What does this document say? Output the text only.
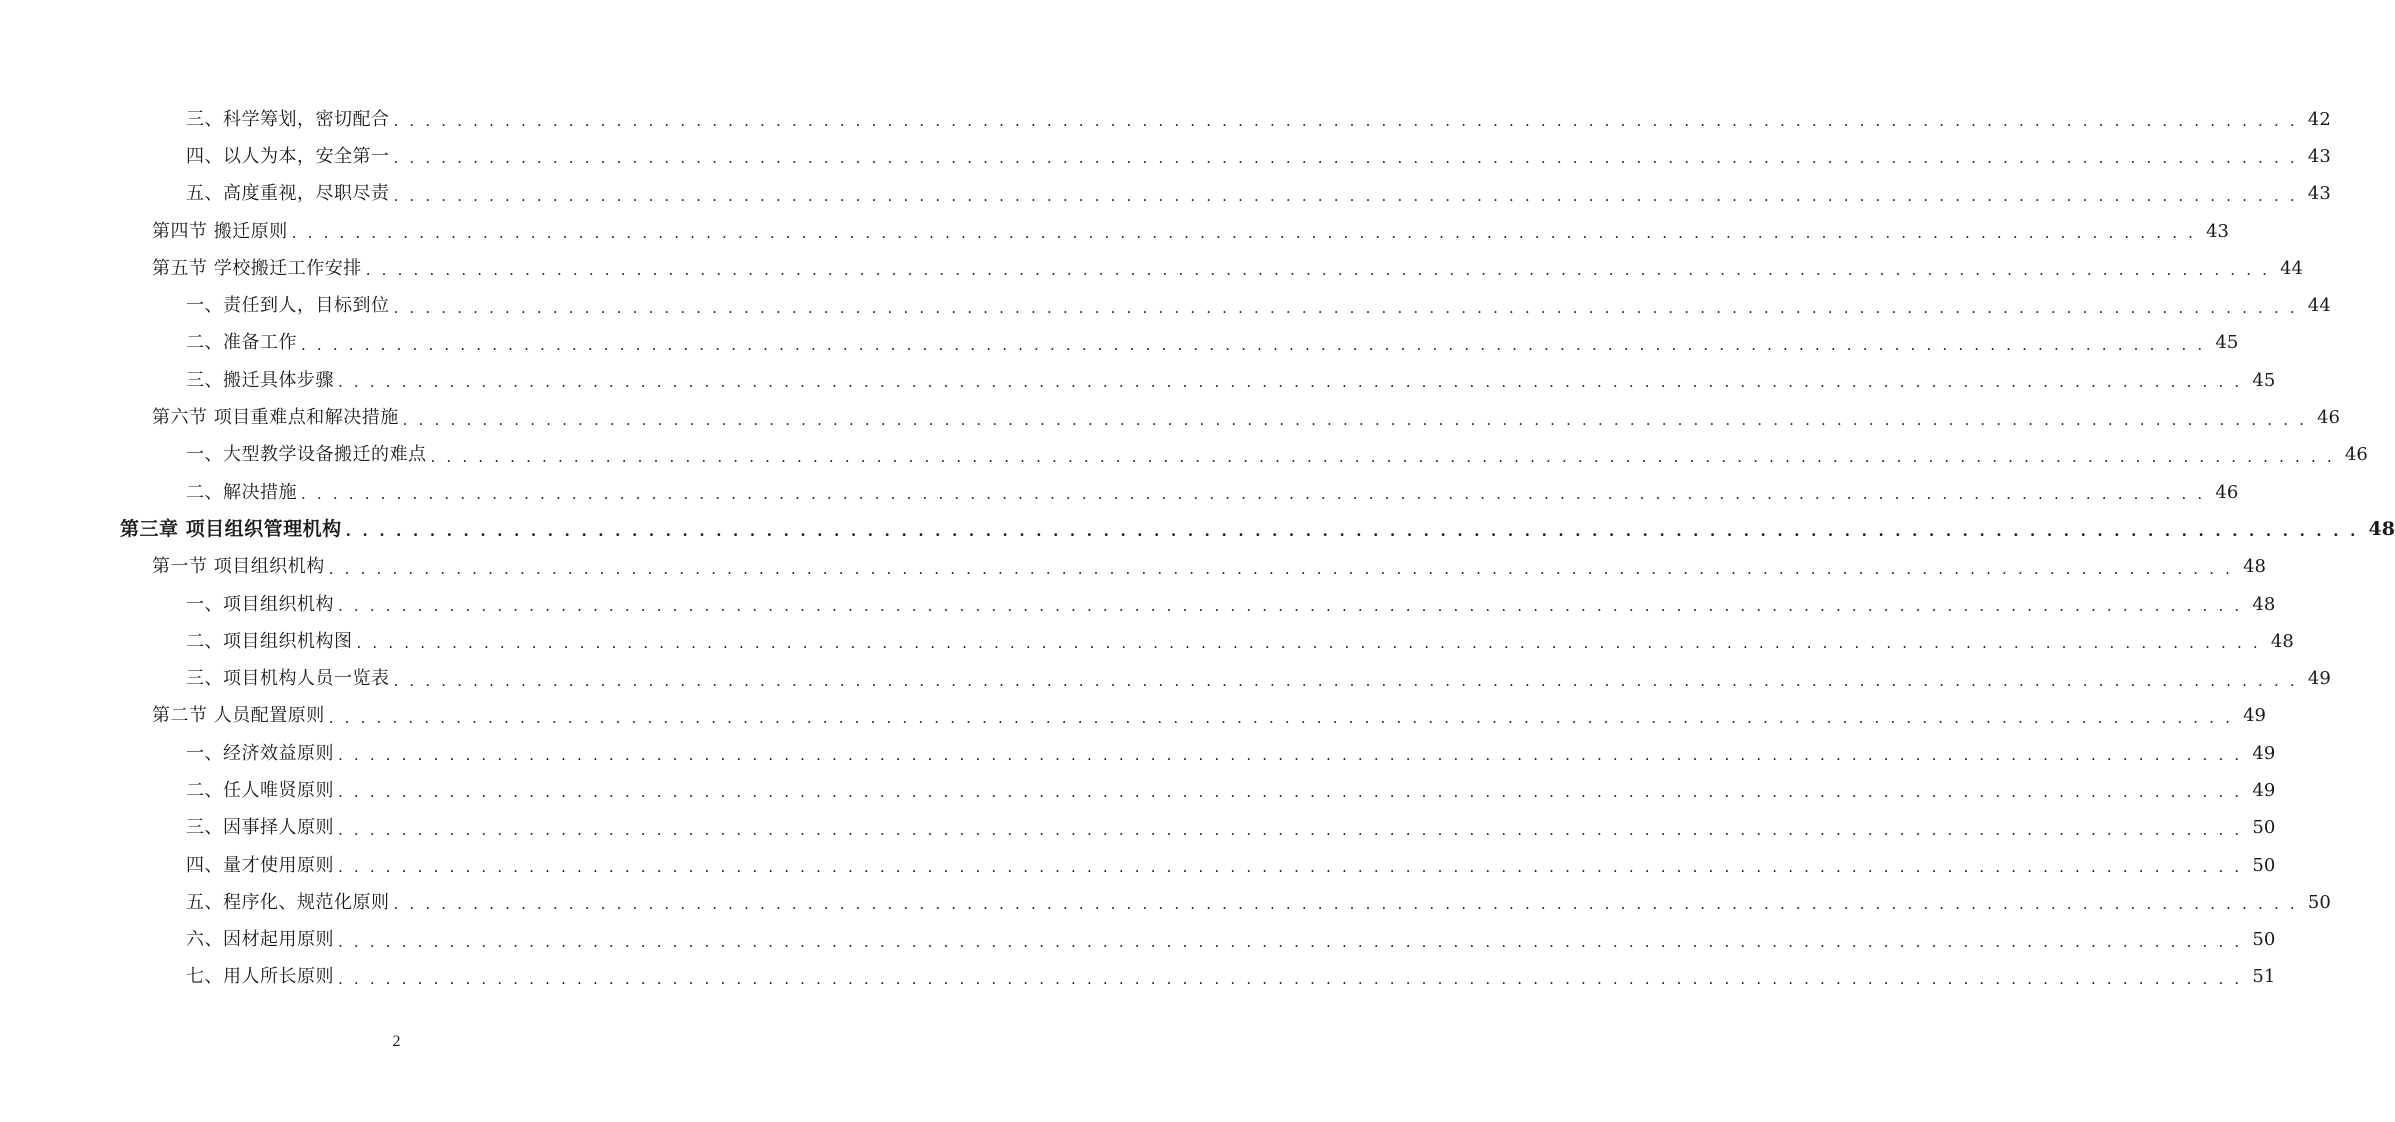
三、科学筹划，密切配合 . . . . . . . . . . . . . . . . . . . . . . . . . . . . . . . . . . . . . . . . . . . . . . . . . . . . . . . . . . . . . . . . . . . . . . . . . . . . . . . . . . . . . . . . . . . . . . . . . . . . . . . . . . . . . . . . . . . . . . . . 42
四、以人为本，安全第一 . . . . . . . . . . . . . . . . . . . . . . . . . . . . . . . . . . . . . . . . . . . . . . . . . . . . . . . . . . . . . . . . . . . . . . . . . . . . . . . . . . . . . . . . . . . . . . . . . . . . . . . . . . . . . . . . . . . . . . . . 43
五、高度重视，尽职尽责 . . . . . . . . . . . . . . . . . . . . . . . . . . . . . . . . . . . . . . . . . . . . . . . . . . . . . . . . . . . . . . . . . . . . . . . . . . . . . . . . . . . . . . . . . . . . . . . . . . . . . . . . . . . . . . . . . . . . . . . . 43
第四节 搬迁原则 . . . . . . . . . . . . . . . . . . . . . . . . . . . . . . . . . . . . . . . . . . . . . . . . . . . . . . . . . . . . . . . . . . . . . . . . . . . . . . . . . . . . . . . . . . . . . . . . . . . . . . . . . . . . . . . . . . . . . . . . 43
第五节 学校搬迁工作安排 . . . . . . . . . . . . . . . . . . . . . . . . . . . . . . . . . . . . . . . . . . . . . . . . . . . . . . . . . . . . . . . . . . . . . . . . . . . . . . . . . . . . . . . . . . . . . . . . . . . . . . . . . . . . . . . . . . . . . . . . 44
一、责任到人，目标到位 . . . . . . . . . . . . . . . . . . . . . . . . . . . . . . . . . . . . . . . . . . . . . . . . . . . . . . . . . . . . . . . . . . . . . . . . . . . . . . . . . . . . . . . . . . . . . . . . . . . . . . . . . . . . . . . . . . . . . . . . 44
二、准备工作 . . . . . . . . . . . . . . . . . . . . . . . . . . . . . . . . . . . . . . . . . . . . . . . . . . . . . . . . . . . . . . . . . . . . . . . . . . . . . . . . . . . . . . . . . . . . . . . . . . . . . . . . . . . . . . . . . . . . . . . . 45
三、搬迁具体步骤 . . . . . . . . . . . . . . . . . . . . . . . . . . . . . . . . . . . . . . . . . . . . . . . . . . . . . . . . . . . . . . . . . . . . . . . . . . . . . . . . . . . . . . . . . . . . . . . . . . . . . . . . . . . . . . . . . . . . . . . . 45
第六节 项目重难点和解决措施 . . . . . . . . . . . . . . . . . . . . . . . . . . . . . . . . . . . . . . . . . . . . . . . . . . . . . . . . . . . . . . . . . . . . . . . . . . . . . . . . . . . . . . . . . . . . . . . . . . . . . . . . . . . . . . . . . . . . . . . . 46
一、大型教学设备搬迁的难点 . . . . . . . . . . . . . . . . . . . . . . . . . . . . . . . . . . . . . . . . . . . . . . . . . . . . . . . . . . . . . . . . . . . . . . . . . . . . . . . . . . . . . . . . . . . . . . . . . . . . . . . . . . . . . . . . . . . . . . . . 46
二、解决措施 . . . . . . . . . . . . . . . . . . . . . . . . . . . . . . . . . . . . . . . . . . . . . . . . . . . . . . . . . . . . . . . . . . . . . . . . . . . . . . . . . . . . . . . . . . . . . . . . . . . . . . . . . . . . . . . . . . . . . . . . 46
第三章 项目组织管理机构 . . . . . . . . . . . . . . . . . . . . . . . . . . . . . . . . . . . . . . . . . . . . . . . . . . . . . . . . . . . . . . . . . . . . . . . . . . . . . . . . . . . . . . . . . . . . . . . . . . . . . . . . . . . . . . . . . . . . . . . . 48
第一节 项目组织机构 . . . . . . . . . . . . . . . . . . . . . . . . . . . . . . . . . . . . . . . . . . . . . . . . . . . . . . . . . . . . . . . . . . . . . . . . . . . . . . . . . . . . . . . . . . . . . . . . . . . . . . . . . . . . . . . . . . . . . . . . 48
一、项目组织机构 . . . . . . . . . . . . . . . . . . . . . . . . . . . . . . . . . . . . . . . . . . . . . . . . . . . . . . . . . . . . . . . . . . . . . . . . . . . . . . . . . . . . . . . . . . . . . . . . . . . . . . . . . . . . . . . . . . . . . . . . 48
二、项目组织机构图 . . . . . . . . . . . . . . . . . . . . . . . . . . . . . . . . . . . . . . . . . . . . . . . . . . . . . . . . . . . . . . . . . . . . . . . . . . . . . . . . . . . . . . . . . . . . . . . . . . . . . . . . . . . . . . . . . . . . . . . . 48
三、项目机构人员一览表 . . . . . . . . . . . . . . . . . . . . . . . . . . . . . . . . . . . . . . . . . . . . . . . . . . . . . . . . . . . . . . . . . . . . . . . . . . . . . . . . . . . . . . . . . . . . . . . . . . . . . . . . . . . . . . . . . . . . . . . . 49
第二节 人员配置原则 . . . . . . . . . . . . . . . . . . . . . . . . . . . . . . . . . . . . . . . . . . . . . . . . . . . . . . . . . . . . . . . . . . . . . . . . . . . . . . . . . . . . . . . . . . . . . . . . . . . . . . . . . . . . . . . . . . . . . . . . 49
一、经济效益原则 . . . . . . . . . . . . . . . . . . . . . . . . . . . . . . . . . . . . . . . . . . . . . . . . . . . . . . . . . . . . . . . . . . . . . . . . . . . . . . . . . . . . . . . . . . . . . . . . . . . . . . . . . . . . . . . . . . . . . . . . 49
二、任人唯贤原则 . . . . . . . . . . . . . . . . . . . . . . . . . . . . . . . . . . . . . . . . . . . . . . . . . . . . . . . . . . . . . . . . . . . . . . . . . . . . . . . . . . . . . . . . . . . . . . . . . . . . . . . . . . . . . . . . . . . . . . . . 49
三、因事择人原则 . . . . . . . . . . . . . . . . . . . . . . . . . . . . . . . . . . . . . . . . . . . . . . . . . . . . . . . . . . . . . . . . . . . . . . . . . . . . . . . . . . . . . . . . . . . . . . . . . . . . . . . . . . . . . . . . . . . . . . . . 50
四、量才使用原则 . . . . . . . . . . . . . . . . . . . . . . . . . . . . . . . . . . . . . . . . . . . . . . . . . . . . . . . . . . . . . . . . . . . . . . . . . . . . . . . . . . . . . . . . . . . . . . . . . . . . . . . . . . . . . . . . . . . . . . . . 50
五、程序化、规范化原则 . . . . . . . . . . . . . . . . . . . . . . . . . . . . . . . . . . . . . . . . . . . . . . . . . . . . . . . . . . . . . . . . . . . . . . . . . . . . . . . . . . . . . . . . . . . . . . . . . . . . . . . . . . . . . . . . . . . . . . . . 50
六、因材起用原则 . . . . . . . . . . . . . . . . . . . . . . . . . . . . . . . . . . . . . . . . . . . . . . . . . . . . . . . . . . . . . . . . . . . . . . . . . . . . . . . . . . . . . . . . . . . . . . . . . . . . . . . . . . . . . . . . . . . . . . . . 50
七、用人所长原则 . . . . . . . . . . . . . . . . . . . . . . . . . . . . . . . . . . . . . . . . . . . . . . . . . . . . . . . . . . . . . . . . . . . . . . . . . . . . . . . . . . . . . . . . . . . . . . . . . . . . . . . . . . . . . . . . . . . . . . . . 51
2
